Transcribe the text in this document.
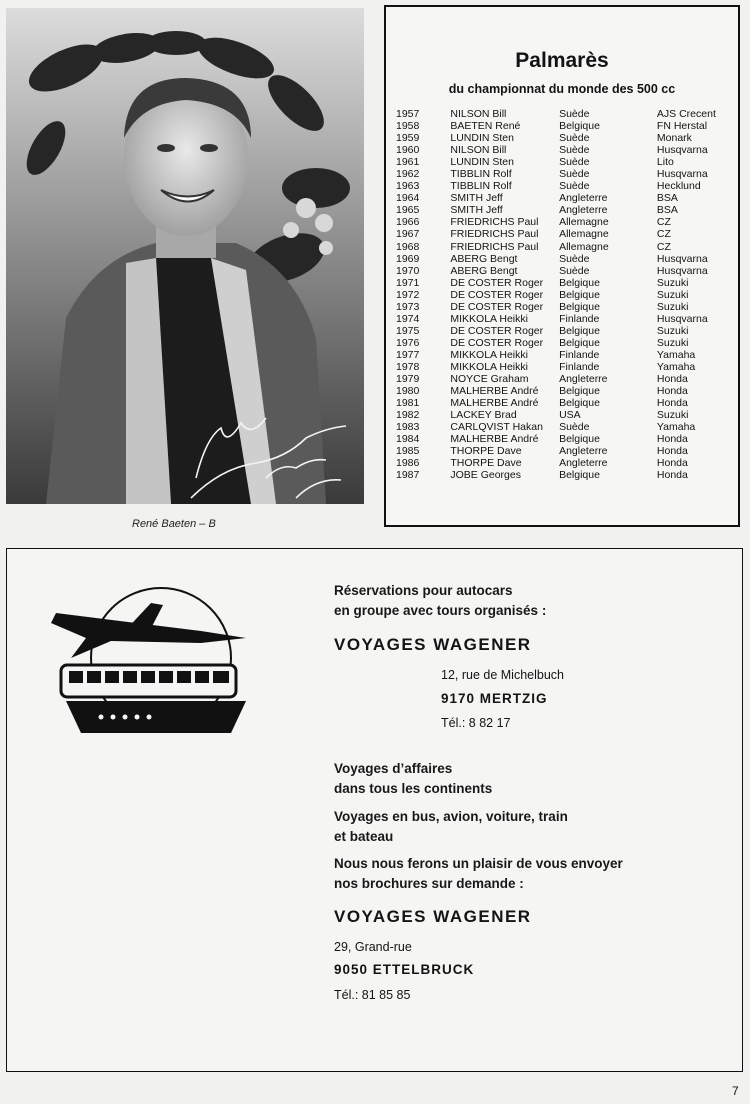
René Baeten – B
Palmarès
du championnat du monde des 500 cc
1957	NILSON Bill	Suède	AJS Crecent
1958	BAETEN René	Belgique	FN Herstal
1959	LUNDIN Sten	Suède	Monark
1960	NILSON Bill	Suède	Husqvarna
1961	LUNDIN Sten	Suède	Lito
1962	TIBBLIN Rolf	Suède	Husqvarna
1963	TIBBLIN Rolf	Suède	Hecklund
1964	SMITH Jeff	Angleterre	BSA
1965	SMITH Jeff	Angleterre	BSA
1966	FRIEDRICHS Paul	Allemagne	CZ
1967	FRIEDRICHS Paul	Allemagne	CZ
1968	FRIEDRICHS Paul	Allemagne	CZ
1969	ABERG Bengt	Suède	Husqvarna
1970	ABERG Bengt	Suède	Husqvarna
1971	DE COSTER Roger	Belgique	Suzuki
1972	DE COSTER Roger	Belgique	Suzuki
1973	DE COSTER Roger	Belgique	Suzuki
1974	MIKKOLA Heikki	Finlande	Husqvarna
1975	DE COSTER Roger	Belgique	Suzuki
1976	DE COSTER Roger	Belgique	Suzuki
1977	MIKKOLA Heikki	Finlande	Yamaha
1978	MIKKOLA Heikki	Finlande	Yamaha
1979	NOYCE Graham	Angleterre	Honda
1980	MALHERBE André	Belgique	Honda
1981	MALHERBE André	Belgique	Honda
1982	LACKEY Brad	USA	Suzuki
1983	CARLQVIST Hakan	Suède	Yamaha
1984	MALHERBE André	Belgique	Honda
1985	THORPE Dave	Angleterre	Honda
1986	THORPE Dave	Angleterre	Honda
1987	JOBE Georges	Belgique	Honda
Réservations pour autocars
en groupe avec tours organisés :
VOYAGES WAGENER
12, rue de Michelbuch
9170 MERTZIG
Tél.: 8 82 17
Voyages d’affaires
dans tous les continents
Voyages en bus, avion, voiture, train
et bateau
Nous nous ferons un plaisir de vous envoyer
nos brochures sur demande :
VOYAGES WAGENER
29, Grand-rue
9050 ETTELBRUCK
Tél.: 81 85 85
7
